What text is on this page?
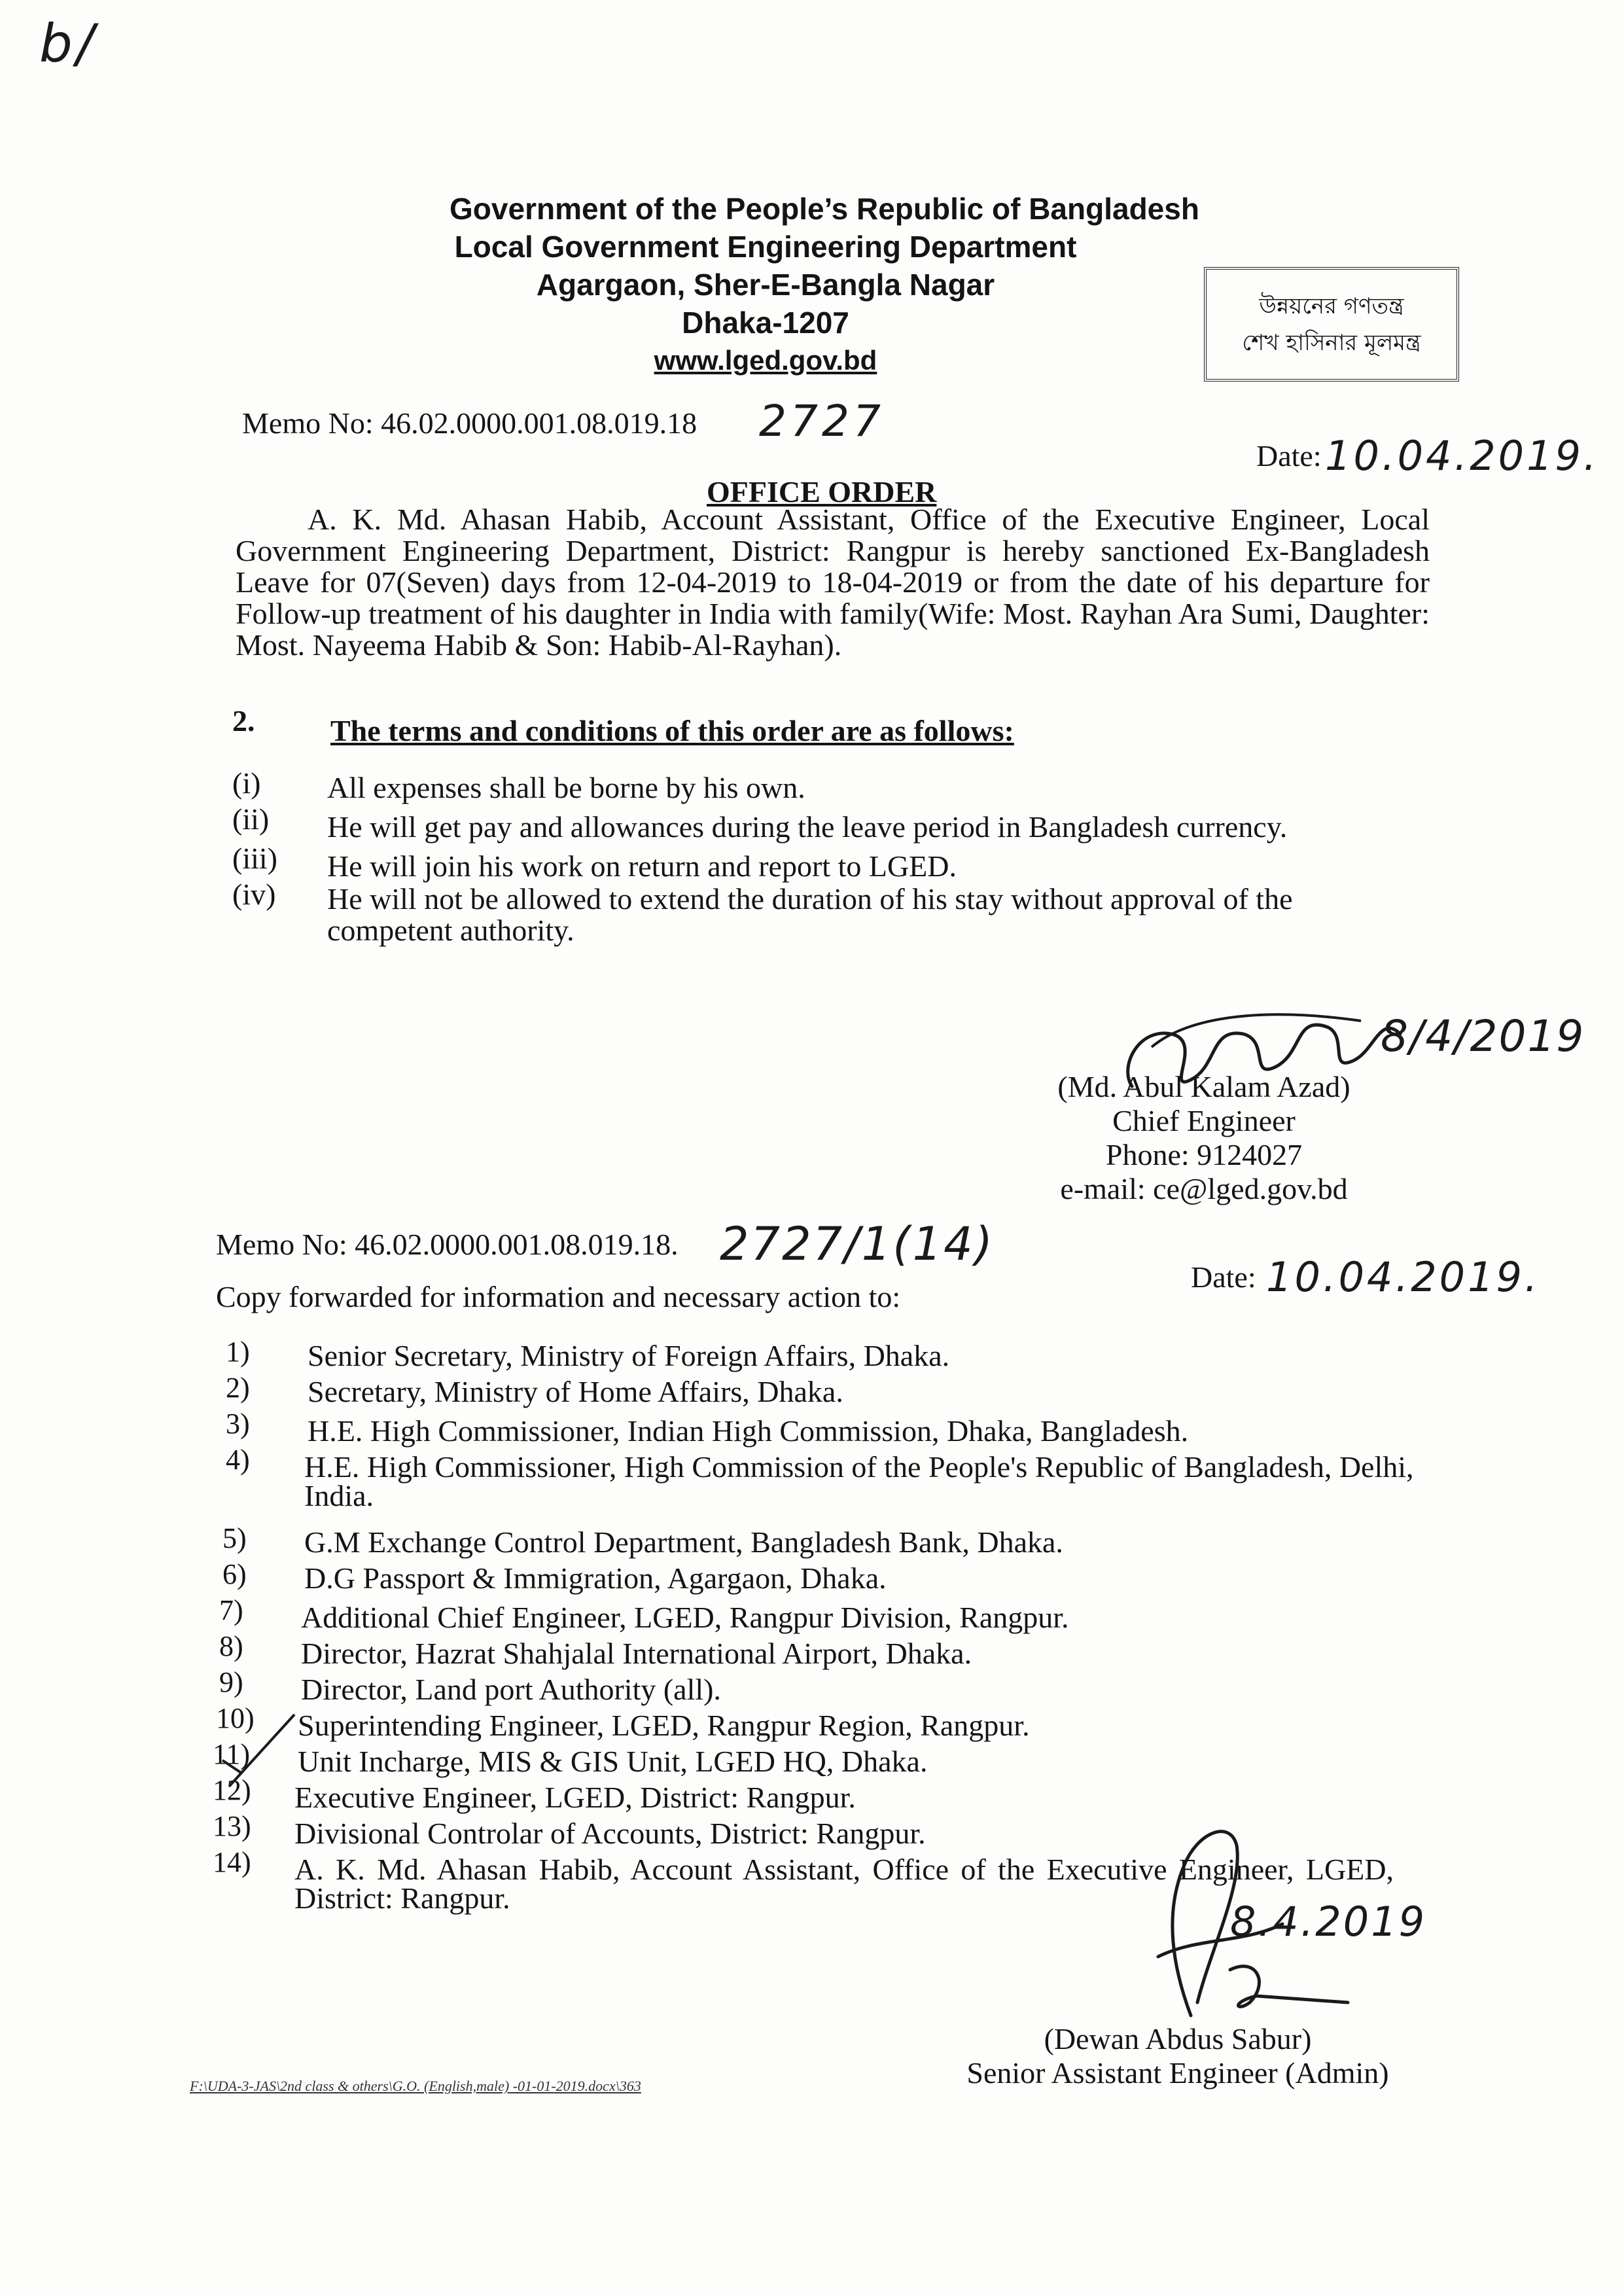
b/
Government of the People’s Republic of Bangladesh
Local Government Engineering Department
Agargaon, Sher-E-Bangla Nagar
Dhaka-1207
www.lged.gov.bd
উন্নয়নের গণতন্ত্র
শেখ হাসিনার মূলমন্ত্র
Memo No: 46.02.0000.001.08.019.18 2727
Date: 10.04.2019.
OFFICE ORDER
A. K. Md. Ahasan Habib, Account Assistant, Office of the Executive Engineer, Local Government Engineering Department, District: Rangpur is hereby sanctioned Ex-Bangladesh Leave for 07(Seven) days from 12-04-2019 to 18-04-2019 or from the date of his departure for Follow-up treatment of his daughter in India with family(Wife: Most. Rayhan Ara Sumi, Daughter: Most. Nayeema Habib & Son: Habib-Al-Rayhan).
2.	The terms and conditions of this order are as follows:
(i) All expenses shall be borne by his own.
(ii) He will get pay and allowances during the leave period in Bangladesh currency.
(iii) He will join his work on return and report to LGED.
(iv) He will not be allowed to extend the duration of his stay without approval of the competent authority.
8/4/2019
(Md. Abul Kalam Azad)
Chief Engineer
Phone: 9124027
e-mail: ce@lged.gov.bd
Memo No: 46.02.0000.001.08.019.18. 2727/1(14)
Date: 10.04.2019.
Copy forwarded for information and necessary action to:
1)	Senior Secretary, Ministry of Foreign Affairs, Dhaka.
2)	Secretary, Ministry of Home Affairs, Dhaka.
3)	H.E. High Commissioner, Indian High Commission, Dhaka, Bangladesh.
4)	H.E. High Commissioner, High Commission of the People's Republic of Bangladesh, Delhi, India.
5)	G.M Exchange Control Department, Bangladesh Bank, Dhaka.
6)	D.G Passport & Immigration, Agargaon, Dhaka.
7)	Additional Chief Engineer, LGED, Rangpur Division, Rangpur.
8)	Director, Hazrat Shahjalal International Airport, Dhaka.
9)	Director, Land port Authority (all).
10)	Superintending Engineer, LGED, Rangpur Region, Rangpur.
11)	Unit Incharge, MIS & GIS Unit, LGED HQ, Dhaka.
12)	Executive Engineer, LGED, District: Rangpur.
13)	Divisional Controlar of Accounts, District: Rangpur.
14)	A. K. Md. Ahasan Habib, Account Assistant, Office of the Executive Engineer, LGED, District: Rangpur.	8.4.2019
(Dewan Abdus Sabur)
Senior Assistant Engineer (Admin)
F:\UDA-3-JAS\2nd class & others\G.O. (English,male) -01-01-2019.docx\363
